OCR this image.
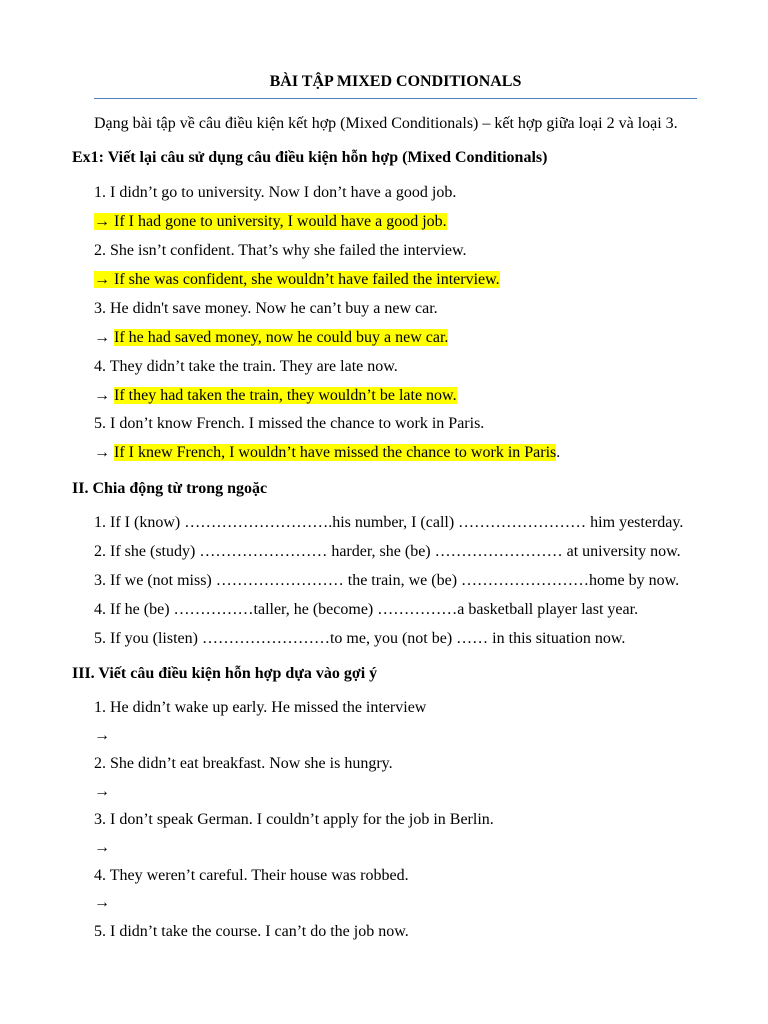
BÀI TẬP MIXED CONDITIONALS
Dạng bài tập về câu điều kiện kết hợp (Mixed Conditionals) – kết hợp giữa loại 2 và loại 3.
Ex1: Viết lại câu sử dụng câu điều kiện hỗn hợp (Mixed Conditionals)
1. I didn’t go to university. Now I don’t have a good job.
→ If I had gone to university, I would have a good job.
2. She isn’t confident. That’s why she failed the interview.
→ If she was confident, she wouldn’t have failed the interview.
3. He didn't save money. Now he can’t buy a new car.
→ If he had saved money, now he could buy a new car.
4. They didn’t take the train. They are late now.
→ If they had taken the train, they wouldn’t be late now.
5. I don’t know French. I missed the chance to work in Paris.
→ If I knew French, I wouldn’t have missed the chance to work in Paris.
II. Chia động từ trong ngoặc
1. If I (know) ……………………….his number, I (call) …………………… him yesterday.
2. If she (study) …………………… harder, she (be) …………………… at university now.
3. If we (not miss) …………………… the train, we (be) ……………………home by now.
4. If he (be) ……………taller, he (become) ……………a basketball player last year.
5. If you (listen) ……………………to me, you (not be) …… in this situation now.
III. Viết câu điều kiện hỗn hợp dựa vào gợi ý
1. He didn’t wake up early. He missed the interview
→
2. She didn’t eat breakfast. Now she is hungry.
→
3. I don’t speak German. I couldn’t apply for the job in Berlin.
→
4. They weren’t careful. Their house was robbed.
→
5. I didn’t take the course. I can’t do the job now.
